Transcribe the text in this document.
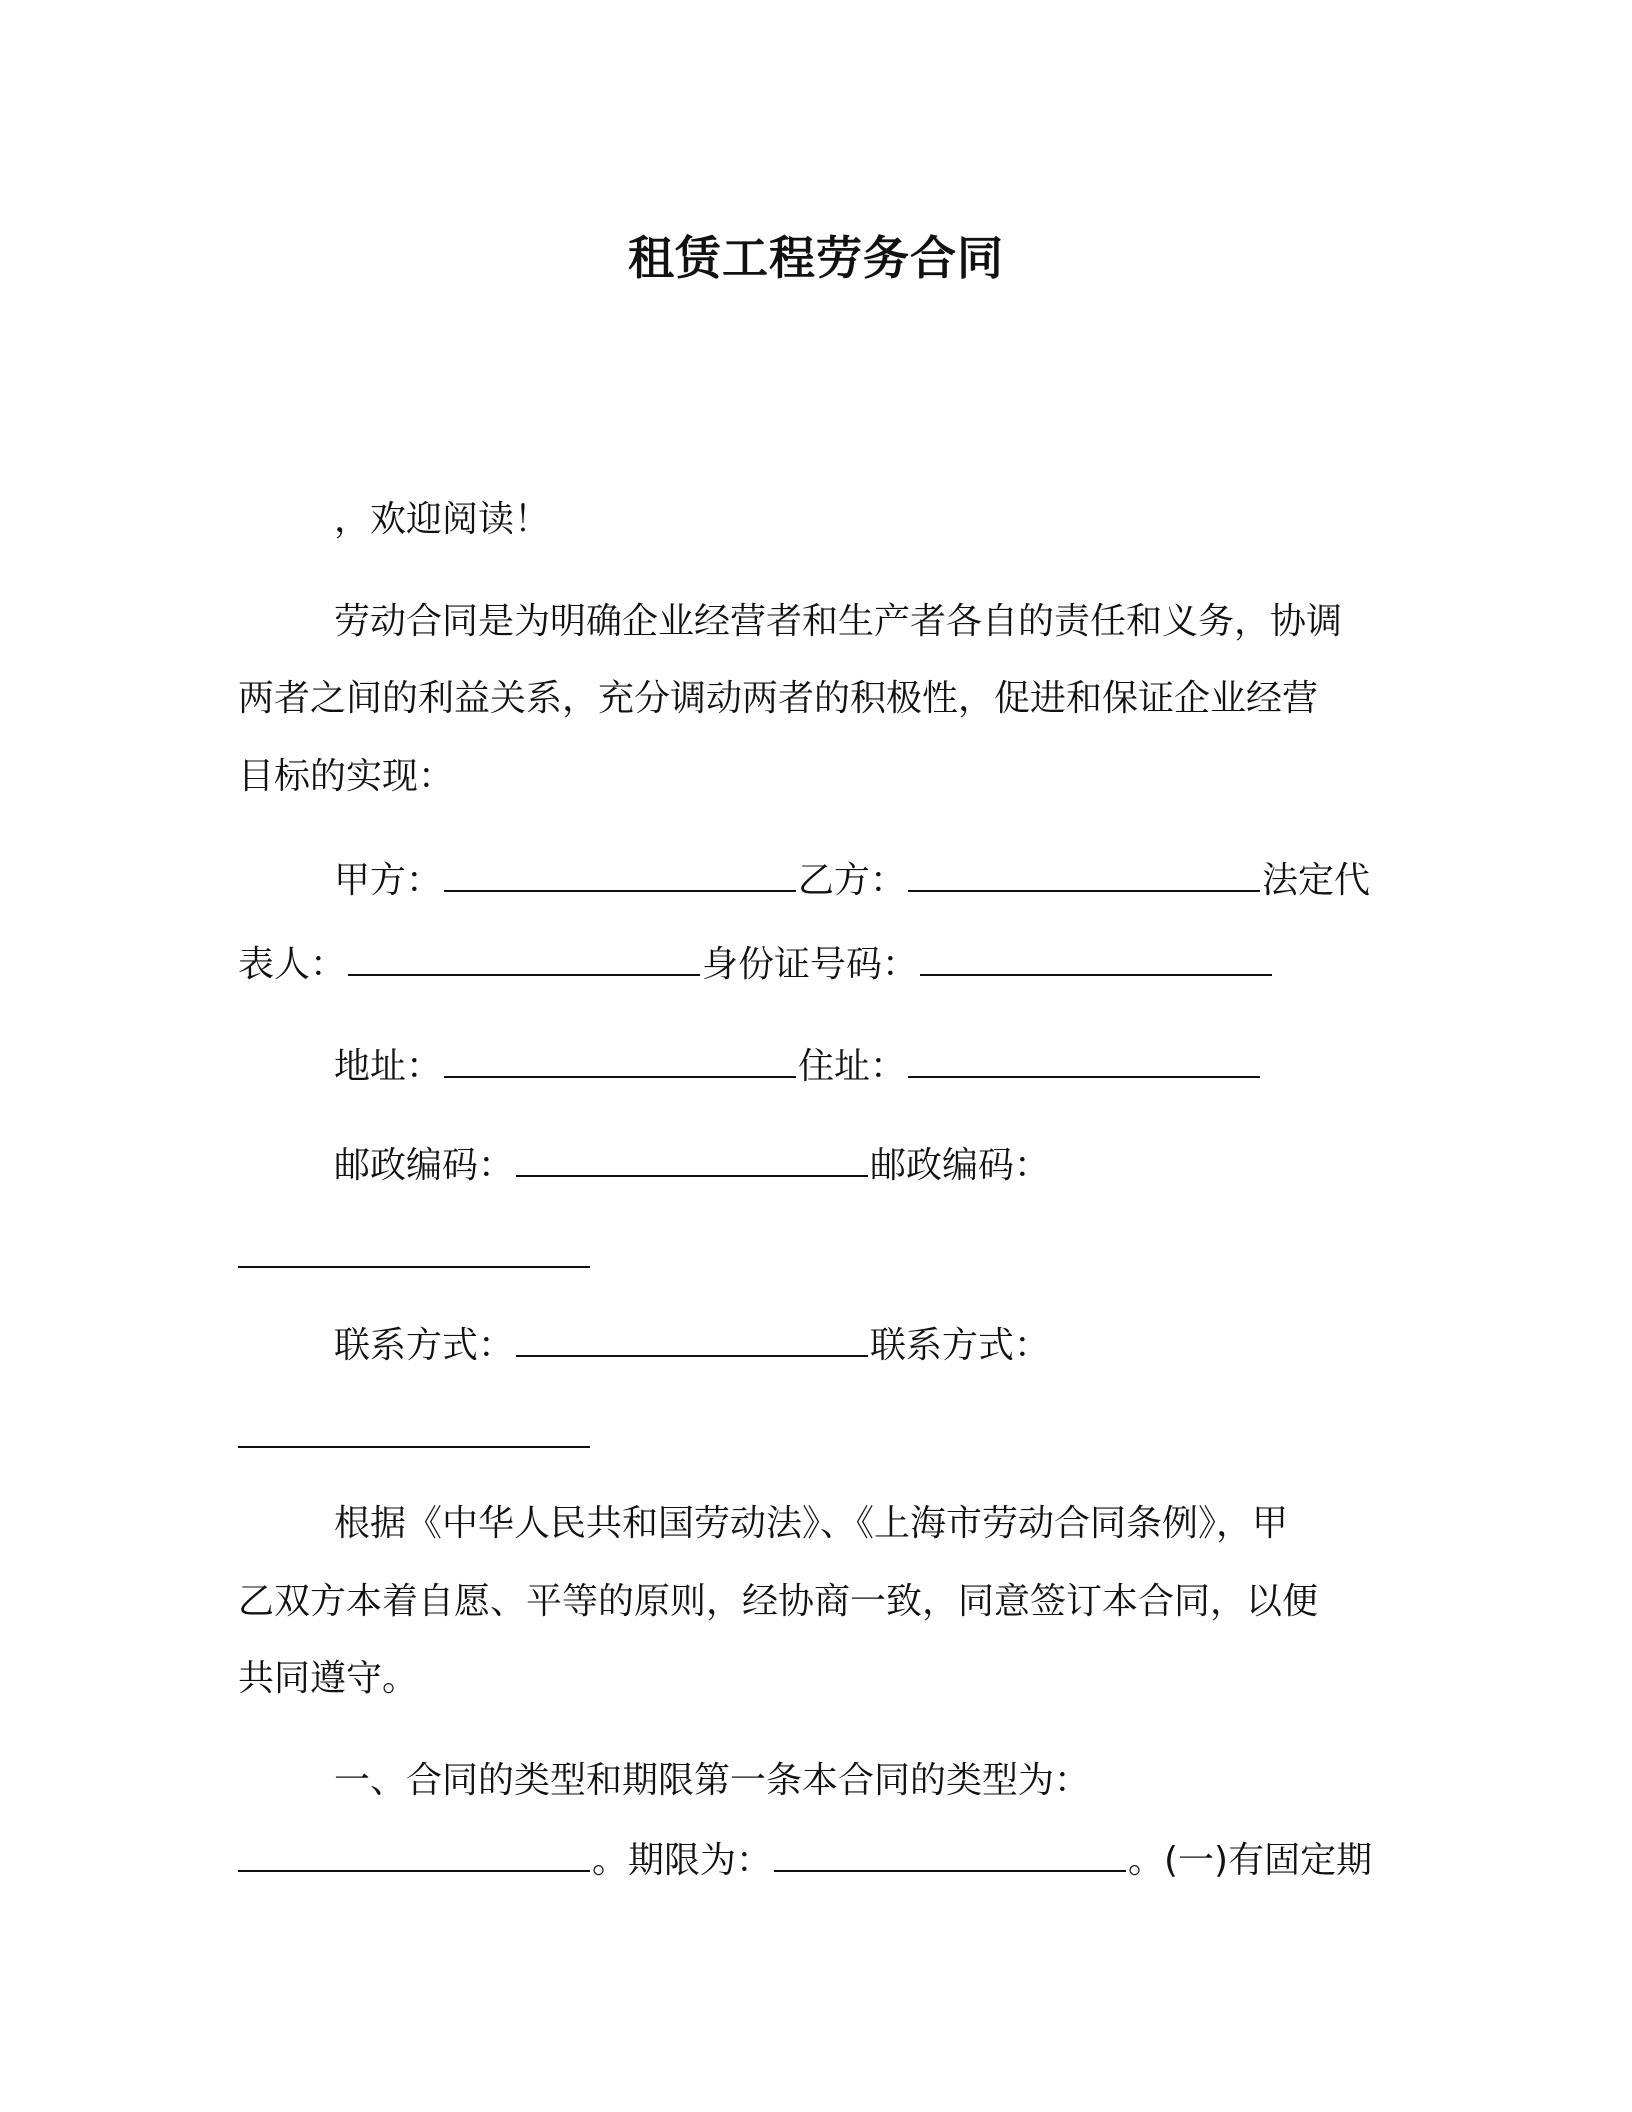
租赁工程劳务合同
，欢迎阅读！
劳动合同是为明确企业经营者和生产者各自的责任和义务，协调
两者之间的利益关系，充分调动两者的积极性，促进和保证企业经营
目标的实现：
甲方：	乙方：	法定代
表人：	身份证号码：
地址：	住址：
邮政编码：	邮政编码：
联系方式：	联系方式：
根据《中华人民共和国劳动法》、《上海市劳动合同条例》，甲
乙双方本着自愿、平等的原则，经协商一致，同意签订本合同，以便
共同遵守。
一、合同的类型和期限第一条本合同的类型为：
。期限为：	。(一)有固定期
